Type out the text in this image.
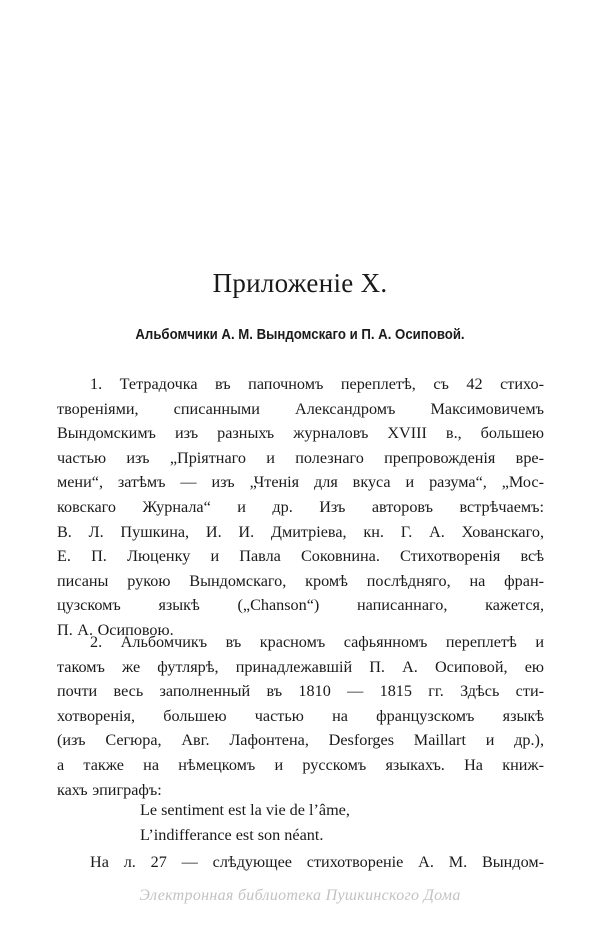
Приложенiе X.
Альбомчики А. М. Вындомскаго и П. А. Осиповой.
1. Тетрадочка въ папочномъ переплетѣ, съ 42 стихо-
творенiями, списанными Александромъ Максимовичемъ
Вындомскимъ изъ разныхъ журналовъ XVIII в., большею
частью изъ „Прiятнаго и полезнаго препровожденiя вре-
мени“, затѣмъ — изъ „Чтенiя для вкуса и разума“, „Мос-
ковскаго Журнала“ и др. Изъ авторовъ встрѣчаемъ:
В. Л. Пушкина, И. И. Дмитрiева, кн. Г. А. Хованскаго,
Е. П. Люценку и Павла Соковнина. Стихотворенiя всѣ
писаны рукою Вындомскаго, кромѣ послѣдняго, на фран-
цузскомъ языкѣ („Chanson“) написаннаго, кажется,
П. А. Осиповою.
2. Альбомчикъ въ красномъ сафьянномъ переплетѣ и
такомъ же футлярѣ, принадлежавшiй П. А. Осиповой, ею
почти весь заполненный въ 1810 — 1815 гг. Здѣсь сти-
хотворенiя, большею частью на французскомъ языкѣ
(изъ Сегюра, Авг. Лафонтена, Desforges Maillart и др.),
а также на нѣмецкомъ и русскомъ языкахъ. На книж-
кахъ эпиграфъ:
Le sentiment est la vie de l’âme,
L’indifferance est son néant.
На л. 27 — слѣдующее стихотворенiе А. М. Вындом-
Электронная библиотека Пушкинского Дома
